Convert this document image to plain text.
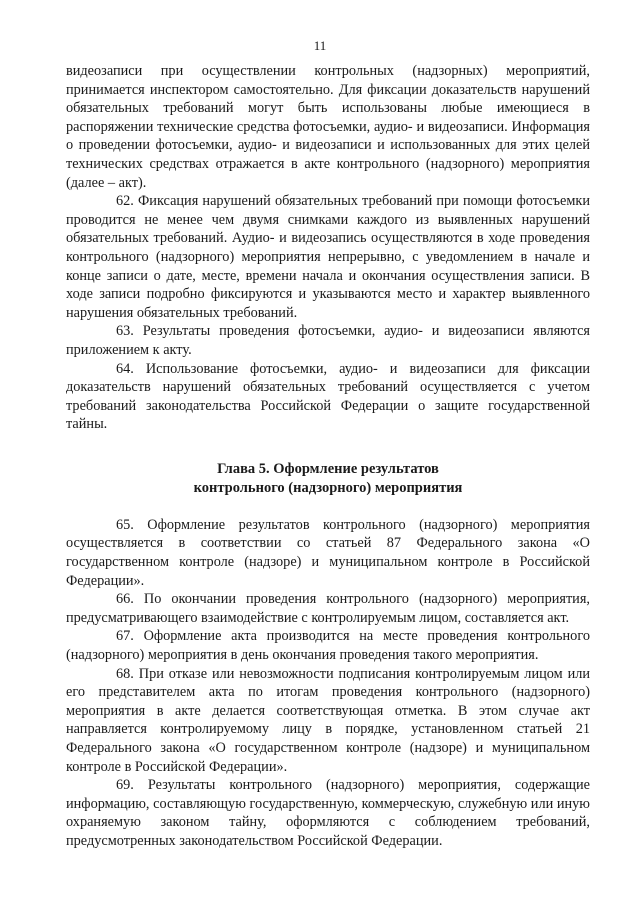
11

видеозаписи при осуществлении контрольных (надзорных) мероприятий, принимается инспектором самостоятельно. Для фиксации доказательств нарушений обязательных требований могут быть использованы любые имеющиеся в распоряжении технические средства фотосъемки, аудио- и видеозаписи. Информация о проведении фотосъемки, аудио- и видеозаписи и использованных для этих целей технических средствах отражается в акте контрольного (надзорного) мероприятия (далее – акт).

62. Фиксация нарушений обязательных требований при помощи фотосъемки проводится не менее чем двумя снимками каждого из выявленных нарушений обязательных требований. Аудио- и видеозапись осуществляются в ходе проведения контрольного (надзорного) мероприятия непрерывно, с уведомлением в начале и конце записи о дате, месте, времени начала и окончания осуществления записи. В ходе записи подробно фиксируются и указываются место и характер выявленного нарушения обязательных требований.

63. Результаты проведения фотосъемки, аудио- и видеозаписи являются приложением к акту.

64. Использование фотосъемки, аудио- и видеозаписи для фиксации доказательств нарушений обязательных требований осуществляется с учетом требований законодательства Российской Федерации о защите государственной тайны.

Глава 5. Оформление результатов
контрольного (надзорного) мероприятия

65. Оформление результатов контрольного (надзорного) мероприятия осуществляется в соответствии со статьей 87 Федерального закона «О государственном контроле (надзоре) и муниципальном контроле в Российской Федерации».

66. По окончании проведения контрольного (надзорного) мероприятия, предусматривающего взаимодействие с контролируемым лицом, составляется акт.

67. Оформление акта производится на месте проведения контрольного (надзорного) мероприятия в день окончания проведения такого мероприятия.

68. При отказе или невозможности подписания контролируемым лицом или его представителем акта по итогам проведения контрольного (надзорного) мероприятия в акте делается соответствующая отметка. В этом случае акт направляется контролируемому лицу в порядке, установленном статьей 21 Федерального закона «О государственном контроле (надзоре) и муниципальном контроле в Российской Федерации».

69. Результаты контрольного (надзорного) мероприятия, содержащие информацию, составляющую государственную, коммерческую, служебную или иную охраняемую законом тайну, оформляются с соблюдением требований, предусмотренных законодательством Российской Федерации.
